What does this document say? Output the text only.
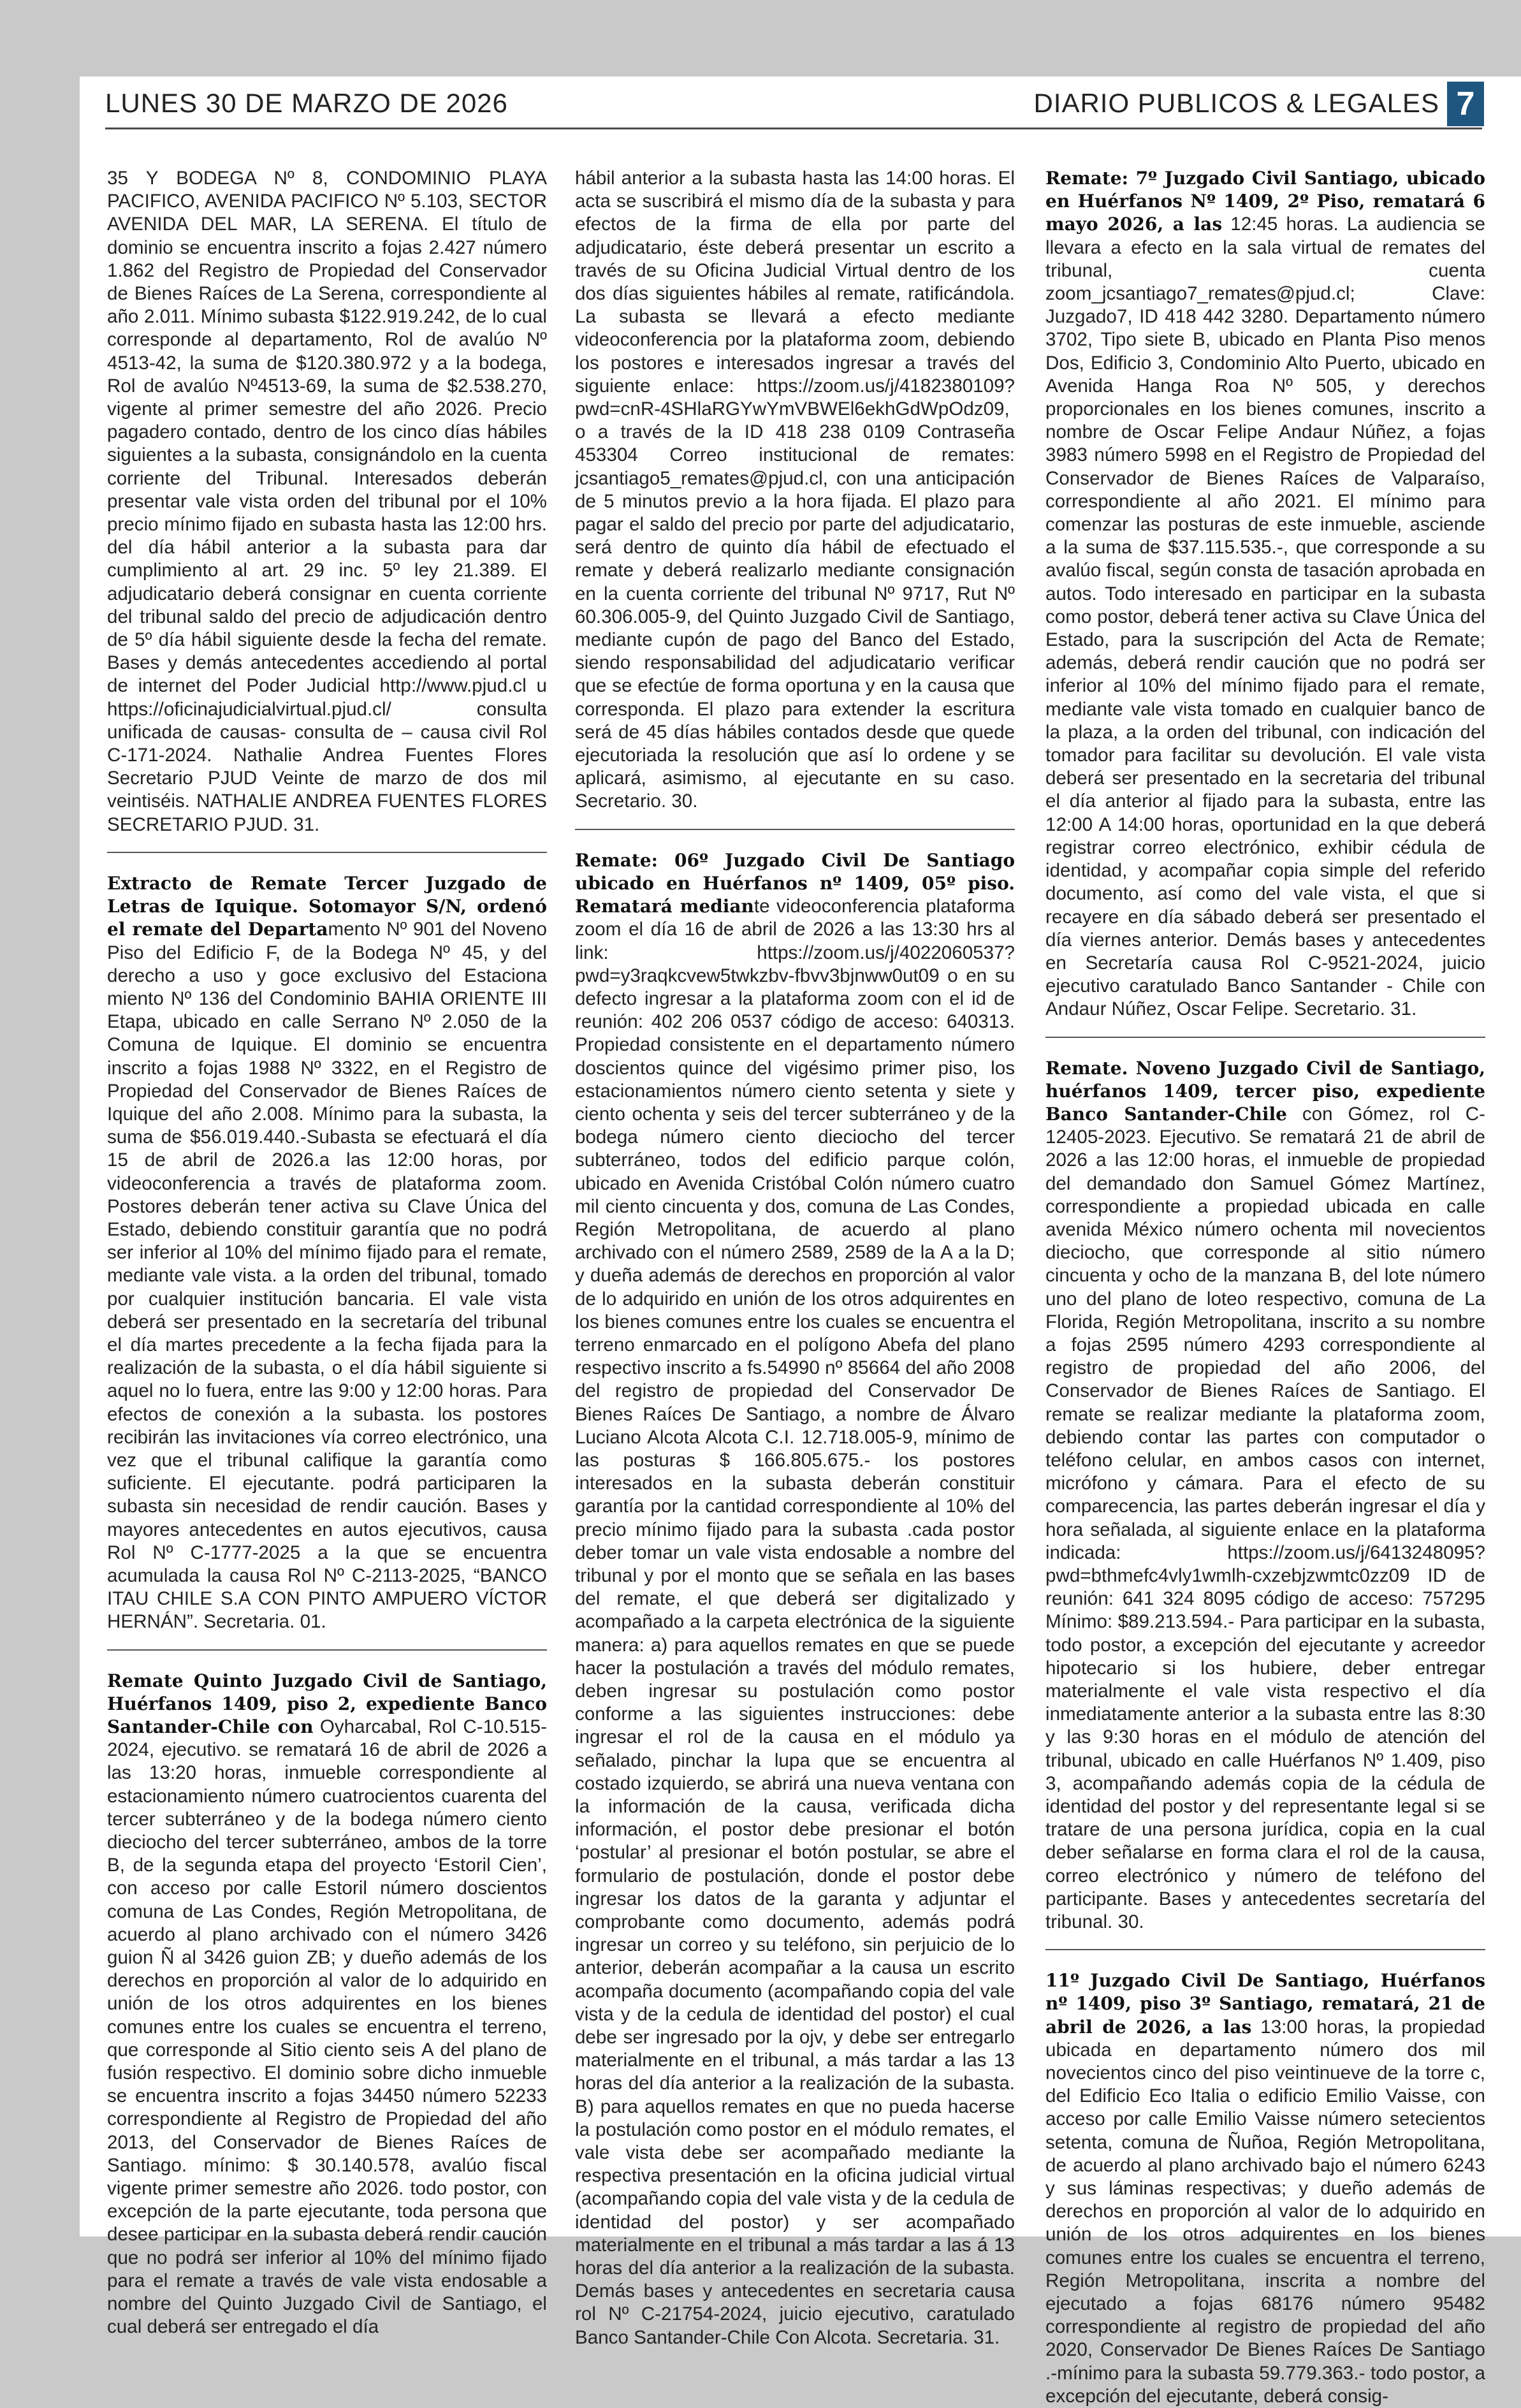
LUNES 30 DE MARZO DE 2026	DIARIO PUBLICOS & LEGALES 7

35 Y BODEGA Nº 8, CONDOMINIO PLAYA PACIFICO, AVENIDA PACIFICO Nº 5.103, SECTOR AVENIDA DEL MAR, LA SERENA. El título de dominio se encuentra inscrito a fojas 2.427 número 1.862 del Registro de Propiedad del Conservador de Bienes Raíces de La Serena, correspondiente al año 2.011. Mínimo subasta $122.919.242, de lo cual corresponde al departamento, Rol de avalúo Nº 4513-42, la suma de $120.380.972 y a la bodega, Rol de avalúo Nº4513-69, la suma de $2.538.270, vigente al primer semestre del año 2026. Precio pagadero contado, dentro de los cinco días hábiles siguientes a la subasta, consignándolo en la cuenta corriente del Tribunal. Interesados deberán presentar vale vista orden del tribunal por el 10% precio mínimo fijado en subasta hasta las 12:00 hrs. del día hábil anterior a la subasta para dar cumplimiento al art. 29 inc. 5º ley 21.389. El adjudicatario deberá consignar en cuenta corriente del tribunal saldo del precio de adjudicación dentro de 5º día hábil siguiente desde la fecha del remate. Bases y demás antecedentes accediendo al portal de internet del Poder Judicial http://www.pjud.cl u https://oficinajudicialvirtual.pjud.cl/ consulta unificada de causas- consulta de – causa civil Rol C-171-2024. Nathalie Andrea Fuentes Flores Secretario PJUD Veinte de marzo de dos mil veintiséis. NATHALIE ANDREA FUENTES FLORES SECRETARIO PJUD. 31.

Extracto de Remate Tercer Juzgado de Letras de Iquique. Sotomayor S/N, ordenó el remate del Departamento Nº 901 del Noveno Piso del Edificio F, de la Bodega Nº 45, y del derecho a uso y goce exclusivo del Estaciona miento Nº 136 del Condominio BAHIA ORIENTE III Etapa, ubicado en calle Serrano Nº 2.050 de la Comuna de Iquique. El dominio se encuentra inscrito a fojas 1988 Nº 3322, en el Registro de Propiedad del Conservador de Bienes Raíces de Iquique del año 2.008. Mínimo para la subasta, la suma de $56.019.440.-Subasta se efectuará el día 15 de abril de 2026.a las 12:00 horas, por videoconferencia a través de plataforma zoom. Postores deberán tener activa su Clave Única del Estado, debiendo constituir garantía que no podrá ser inferior al 10% del mínimo fijado para el remate, mediante vale vista. a la orden del tribunal, tomado por cualquier institución bancaria. El vale vista deberá ser presentado en la secretaría del tribunal el día martes precedente a la fecha fijada para la realización de la subasta, o el día hábil siguiente si aquel no lo fuera, entre las 9:00 y 12:00 horas. Para efectos de conexión a la subasta. los postores recibirán las invitaciones vía correo electrónico, una vez que el tribunal califique la garantía como suficiente. El ejecutante. podrá participaren la subasta sin necesidad de rendir caución. Bases y mayores antecedentes en autos ejecutivos, causa Rol Nº C-1777-2025 a la que se encuentra acumulada la causa Rol Nº C-2113-2025, “BANCO ITAU CHILE S.A CON PINTO AMPUERO VÍCTOR HERNÁN”. Secretaria. 01.

Remate Quinto Juzgado Civil de Santiago, Huérfanos 1409, piso 2, expediente Banco Santander-Chile con Oyharcabal, Rol C-10.515-2024, ejecutivo. se rematará 16 de abril de 2026 a las 13:20 horas, inmueble correspondiente al estacionamiento número cuatrocientos cuarenta del tercer subterráneo y de la bodega número ciento dieciocho del tercer subterráneo, ambos de la torre B, de la segunda etapa del proyecto ‘Estoril Cien’, con acceso por calle Estoril número doscientos comuna de Las Condes, Región Metropolitana, de acuerdo al plano archivado con el número 3426 guion Ñ al 3426 guion ZB; y dueño además de los derechos en proporción al valor de lo adquirido en unión de los otros adquirentes en los bienes comunes entre los cuales se encuentra el terreno, que corresponde al Sitio ciento seis A del plano de fusión respectivo. El dominio sobre dicho inmueble se encuentra inscrito a fojas 34450 número 52233 correspondiente al Registro de Propiedad del año 2013, del Conservador de Bienes Raíces de Santiago. mínimo: $ 30.140.578, avalúo fiscal vigente primer semestre año 2026. todo postor, con excepción de la parte ejecutante, toda persona que desee participar en la subasta deberá rendir caución que no podrá ser inferior al 10% del mínimo fijado para el remate a través de vale vista endosable a nombre del Quinto Juzgado Civil de Santiago, el cual deberá ser entregado el día

hábil anterior a la subasta hasta las 14:00 horas. El acta se suscribirá el mismo día de la subasta y para efectos de la firma de ella por parte del adjudicatario, éste deberá presentar un escrito a través de su Oficina Judicial Virtual dentro de los dos días siguientes hábiles al remate, ratificándola. La subasta se llevará a efecto mediante videoconferencia por la plataforma zoom, debiendo los postores e interesados ingresar a través del siguiente enlace: https://zoom.us/j/4182380109?pwd=cnR-4SHlaRGYwYmVBWEl6ekhGdWpOdz09, o a través de la ID 418 238 0109 Contraseña 453304 Correo institucional de remates: jcsantiago5_remates@pjud.cl, con una anticipación de 5 minutos previo a la hora fijada. El plazo para pagar el saldo del precio por parte del adjudicatario, será dentro de quinto día hábil de efectuado el remate y deberá realizarlo mediante consignación en la cuenta corriente del tribunal Nº 9717, Rut Nº 60.306.005-9, del Quinto Juzgado Civil de Santiago, mediante cupón de pago del Banco del Estado, siendo responsabilidad del adjudicatario verificar que se efectúe de forma oportuna y en la causa que corresponda. El plazo para extender la escritura será de 45 días hábiles contados desde que quede ejecutoriada la resolución que así lo ordene y se aplicará, asimismo, al ejecutante en su caso. Secretario. 30.

Remate: 06º Juzgado Civil De Santiago ubicado en Huérfanos nº 1409, 05º piso. Rematará mediante videoconferencia plataforma zoom el día 16 de abril de 2026 a las 13:30 hrs al link: https://zoom.us/j/4022060537?pwd=y3raqkcvew5twkzbv-fbvv3bjnww0ut09 o en su defecto ingresar a la plataforma zoom con el id de reunión: 402 206 0537 código de acceso: 640313. Propiedad consistente en el departamento número doscientos quince del vigésimo primer piso, los estacionamientos número ciento setenta y siete y ciento ochenta y seis del tercer subterráneo y de la bodega número ciento dieciocho del tercer subterráneo, todos del edificio parque colón, ubicado en Avenida Cristóbal Colón número cuatro mil ciento cincuenta y dos, comuna de Las Condes, Región Metropolitana, de acuerdo al plano archivado con el número 2589, 2589 de la A a la D; y dueña además de derechos en proporción al valor de lo adquirido en unión de los otros adquirentes en los bienes comunes entre los cuales se encuentra el terreno enmarcado en el polígono Abefa del plano respectivo inscrito a fs.54990 nº 85664 del año 2008 del registro de propiedad del Conservador De Bienes Raíces De Santiago, a nombre de Álvaro Luciano Alcota Alcota C.I. 12.718.005-9, mínimo de las posturas $ 166.805.675.- los postores interesados en la subasta deberán constituir garantía por la cantidad correspondiente al 10% del precio mínimo fijado para la subasta .cada postor deber tomar un vale vista endosable a nombre del tribunal y por el monto que se señala en las bases del remate, el que deberá ser digitalizado y acompañado a la carpeta electrónica de la siguiente manera: a) para aquellos remates en que se puede hacer la postulación a través del módulo remates, deben ingresar su postulación como postor conforme a las siguientes instrucciones: debe ingresar el rol de la causa en el módulo ya señalado, pinchar la lupa que se encuentra al costado izquierdo, se abrirá una nueva ventana con la información de la causa, verificada dicha información, el postor debe presionar el botón ‘postular’ al presionar el botón postular, se abre el formulario de postulación, donde el postor debe ingresar los datos de la garanta y adjuntar el comprobante como documento, además podrá ingresar un correo y su teléfono, sin perjuicio de lo anterior, deberán acompañar a la causa un escrito acompaña documento (acompañando copia del vale vista y de la cedula de identidad del postor) el cual debe ser ingresado por la ojv, y debe ser entregarlo materialmente en el tribunal, a más tardar a las 13 horas del día anterior a la realización de la subasta. B) para aquellos remates en que no pueda hacerse la postulación como postor en el módulo remates, el vale vista debe ser acompañado mediante la respectiva presentación en la oficina judicial virtual (acompañando copia del vale vista y de la cedula de identidad del postor) y ser acompañado materialmente en el tribunal a más tardar a las á 13 horas del día anterior a la realización de la subasta. Demás bases y antecedentes en secretaria causa rol Nº C-21754-2024, juicio ejecutivo, caratulado Banco Santander-Chile Con Alcota. Secretaria. 31.

Remate: 7º Juzgado Civil Santiago, ubicado en Huérfanos Nº 1409, 2º Piso, rematará 6 mayo 2026, a las 12:45 horas. La audiencia se llevara a efecto en la sala virtual de remates del tribunal, cuenta zoom_jcsantiago7_remates@pjud.cl; Clave: Juzgado7, ID 418 442 3280. Departamento número 3702, Tipo siete B, ubicado en Planta Piso menos Dos, Edificio 3, Condominio Alto Puerto, ubicado en Avenida Hanga Roa Nº 505, y derechos proporcionales en los bienes comunes, inscrito a nombre de Oscar Felipe Andaur Núñez, a fojas 3983 número 5998 en el Registro de Propiedad del Conservador de Bienes Raíces de Valparaíso, correspondiente al año 2021. El mínimo para comenzar las posturas de este inmueble, asciende a la suma de $37.115.535.-, que corresponde a su avalúo fiscal, según consta de tasación aprobada en autos. Todo interesado en participar en la subasta como postor, deberá tener activa su Clave Única del Estado, para la suscripción del Acta de Remate; además, deberá rendir caución que no podrá ser inferior al 10% del mínimo fijado para el remate, mediante vale vista tomado en cualquier banco de la plaza, a la orden del tribunal, con indicación del tomador para facilitar su devolución. El vale vista deberá ser presentado en la secretaria del tribunal el día anterior al fijado para la subasta, entre las 12:00 A 14:00 horas, oportunidad en la que deberá registrar correo electrónico, exhibir cédula de identidad, y acompañar copia simple del referido documento, así como del vale vista, el que si recayere en día sábado deberá ser presentado el día viernes anterior. Demás bases y antecedentes en Secretaría causa Rol C-9521-2024, juicio ejecutivo caratulado Banco Santander - Chile con Andaur Núñez, Oscar Felipe. Secretario. 31.

Remate. Noveno Juzgado Civil de Santiago, huérfanos 1409, tercer piso, expediente Banco Santander-Chile con Gómez, rol C-12405-2023. Ejecutivo. Se rematará 21 de abril de 2026 a las 12:00 horas, el inmueble de propiedad del demandado don Samuel Gómez Martínez, correspondiente a propiedad ubicada en calle avenida México número ochenta mil novecientos dieciocho, que corresponde al sitio número cincuenta y ocho de la manzana B, del lote número uno del plano de loteo respectivo, comuna de La Florida, Región Metropolitana, inscrito a su nombre a fojas 2595 número 4293 correspondiente al registro de propiedad del año 2006, del Conservador de Bienes Raíces de Santiago. El remate se realizar mediante la plataforma zoom, debiendo contar las partes con computador o teléfono celular, en ambos casos con internet, micrófono y cámara. Para el efecto de su comparecencia, las partes deberán ingresar el día y hora señalada, al siguiente enlace en la plataforma indicada: https://zoom.us/j/6413248095?pwd=bthmefc4vly1wmlh-cxzebjzwmtc0zz09 ID de reunión: 641 324 8095 código de acceso: 757295 Mínimo: $89.213.594.- Para participar en la subasta, todo postor, a excepción del ejecutante y acreedor hipotecario si los hubiere, deber entregar materialmente el vale vista respectivo el día inmediatamente anterior a la subasta entre las 8:30 y las 9:30 horas en el módulo de atención del tribunal, ubicado en calle Huérfanos Nº 1.409, piso 3, acompañando además copia de la cédula de identidad del postor y del representante legal si se tratare de una persona jurídica, copia en la cual deber señalarse en forma clara el rol de la causa, correo electrónico y número de teléfono del participante. Bases y antecedentes secretaría del tribunal. 30.

11º Juzgado Civil De Santiago, Huérfanos nº 1409, piso 3º Santiago, rematará, 21 de abril de 2026, a las 13:00 horas, la propiedad ubicada en departamento número dos mil novecientos cinco del piso veintinueve de la torre c, del Edificio Eco Italia o edificio Emilio Vaisse, con acceso por calle Emilio Vaisse número setecientos setenta, comuna de Ñuñoa, Región Metropolitana, de acuerdo al plano archivado bajo el número 6243 y sus láminas respectivas; y dueño además de derechos en proporción al valor de lo adquirido en unión de los otros adquirentes en los bienes comunes entre los cuales se encuentra el terreno, Región Metropolitana, inscrita a nombre del ejecutado a fojas 68176 número 95482 correspondiente al registro de propiedad del año 2020, Conservador De Bienes Raíces De Santiago .-mínimo para la subasta 59.779.363.- todo postor, a excepción del ejecutante, deberá consig-
